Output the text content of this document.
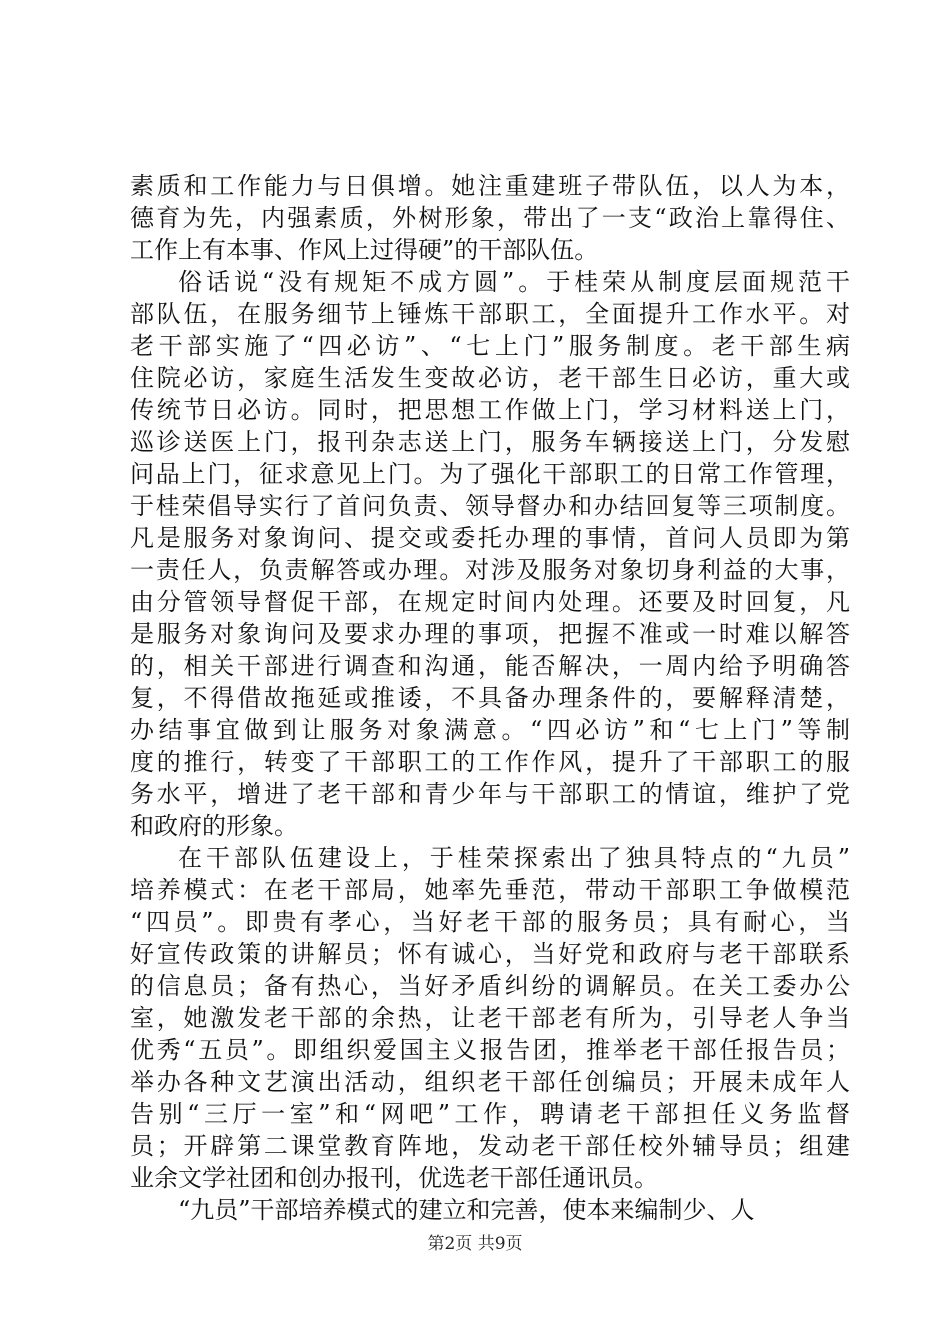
素质和工作能力与日俱增。她注重建班子带队伍，以人为本，
德育为先，内强素质，外树形象，带出了一支“政治上靠得住、
工作上有本事、作风上过得硬”的干部队伍。
俗话说“没有规矩不成方圆”。于桂荣从制度层面规范干
部队伍，在服务细节上锤炼干部职工，全面提升工作水平。对
老干部实施了“四必访”、“七上门”服务制度。老干部生病
住院必访，家庭生活发生变故必访，老干部生日必访，重大或
传统节日必访。同时，把思想工作做上门，学习材料送上门，
巡诊送医上门，报刊杂志送上门，服务车辆接送上门，分发慰
问品上门，征求意见上门。为了强化干部职工的日常工作管理，
于桂荣倡导实行了首问负责、领导督办和办结回复等三项制度。
凡是服务对象询问、提交或委托办理的事情，首问人员即为第
一责任人，负责解答或办理。对涉及服务对象切身利益的大事，
由分管领导督促干部，在规定时间内处理。还要及时回复，凡
是服务对象询问及要求办理的事项，把握不准或一时难以解答
的，相关干部进行调查和沟通，能否解决，一周内给予明确答
复，不得借故拖延或推诿，不具备办理条件的，要解释清楚，
办结事宜做到让服务对象满意。“四必访”和“七上门”等制
度的推行，转变了干部职工的工作作风，提升了干部职工的服
务水平，增进了老干部和青少年与干部职工的情谊，维护了党
和政府的形象。
在干部队伍建设上，于桂荣探索出了独具特点的“九员”
培养模式：在老干部局，她率先垂范，带动干部职工争做模范
“四员”。即贵有孝心，当好老干部的服务员；具有耐心，当
好宣传政策的讲解员；怀有诚心，当好党和政府与老干部联系
的信息员；备有热心，当好矛盾纠纷的调解员。在关工委办公
室，她激发老干部的余热，让老干部老有所为，引导老人争当
优秀“五员”。即组织爱国主义报告团，推举老干部任报告员；
举办各种文艺演出活动，组织老干部任创编员；开展未成年人
告别“三厅一室”和“网吧”工作，聘请老干部担任义务监督
员；开辟第二课堂教育阵地，发动老干部任校外辅导员；组建
业余文学社团和创办报刊，优选老干部任通讯员。
“九员”干部培养模式的建立和完善，使本来编制少、人
第2页 共9页
